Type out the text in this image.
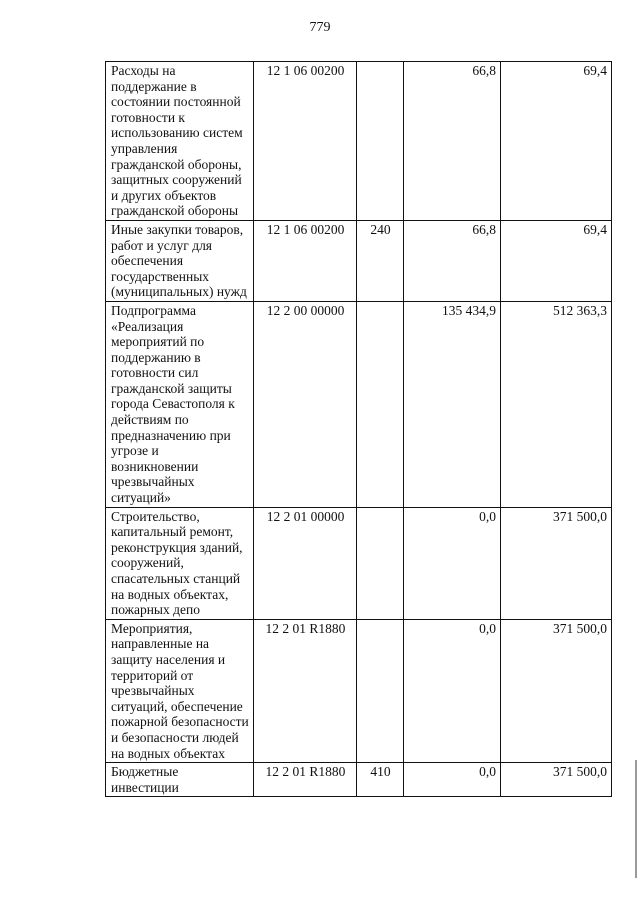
779
Расходы на поддержание в состоянии постоянной готовности к использованию систем управления гражданской обороны, защитных сооружений и других объектов гражданской обороны	12 1 06 00200		66,8	69,4
Иные закупки товаров, работ и услуг для обеспечения государственных (муниципальных) нужд	12 1 06 00200	240	66,8	69,4
Подпрограмма «Реализация мероприятий по поддержанию в готовности сил гражданской защиты города Севастополя к действиям по предназначению при угрозе и возникновении чрезвычайных ситуаций»	12 2 00 00000		135 434,9	512 363,3
Строительство, капитальный ремонт, реконструкция зданий, сооружений, спасательных станций на водных объектах, пожарных депо	12 2 01 00000		0,0	371 500,0
Мероприятия, направленные на защиту населения и территорий от чрезвычайных ситуаций, обеспечение пожарной безопасности и безопасности людей на водных объектах	12 2 01 R1880		0,0	371 500,0
Бюджетные инвестиции	12 2 01 R1880	410	0,0	371 500,0
